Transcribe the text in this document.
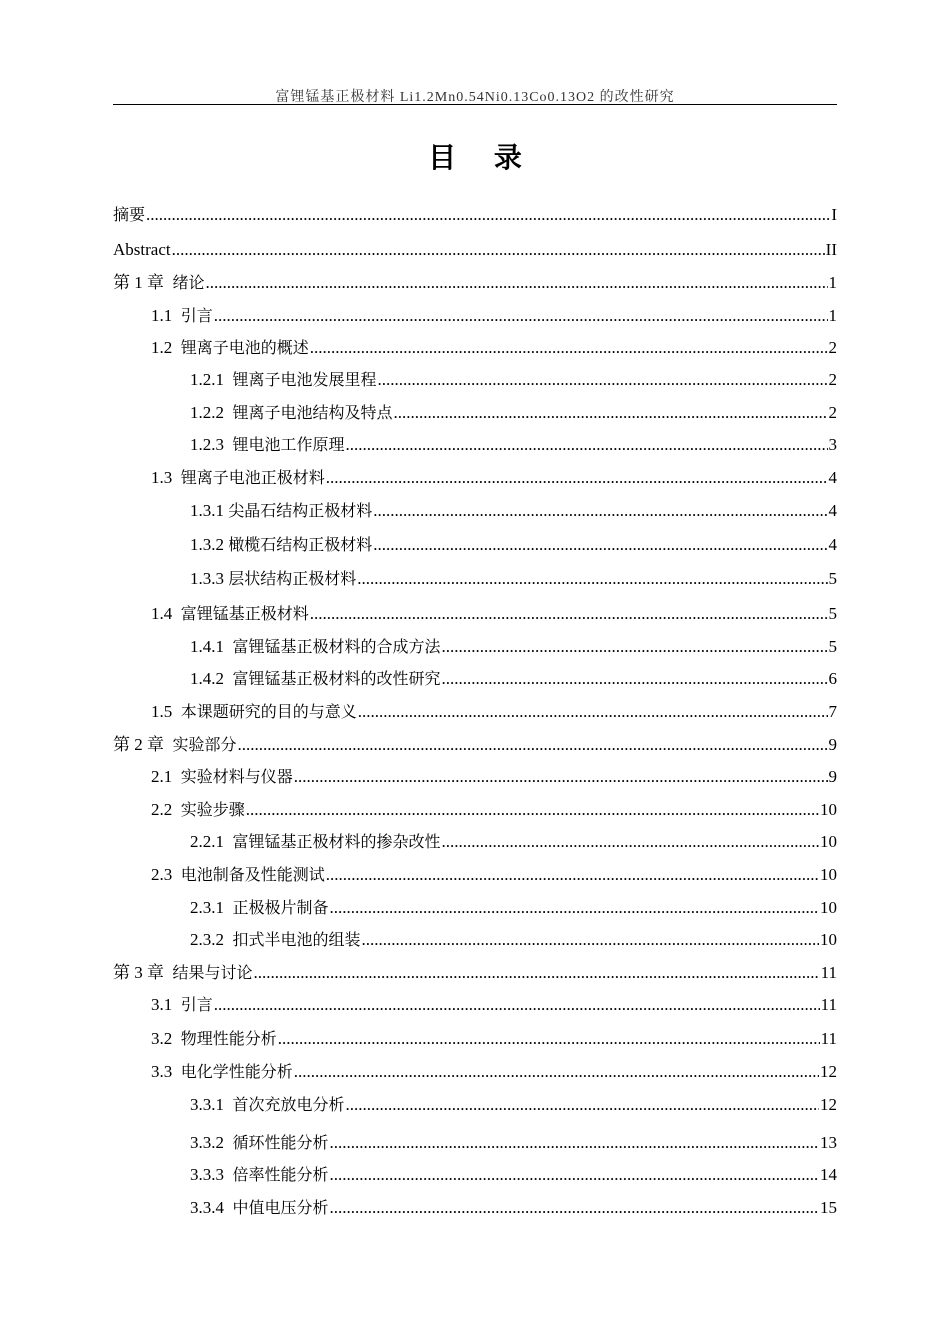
富锂锰基正极材料 Li1.2Mn0.54Ni0.13Co0.13O2 的改性研究
目 录
摘要 .....	I
Abstract .....	II
第 1 章 绪论 .....	1
1.1 引言 .....	1
1.2 锂离子电池的概述 .....	2
1.2.1 锂离子电池发展里程 .....	2
1.2.2 锂离子电池结构及特点 .....	2
1.2.3 锂电池工作原理 .....	3
1.3 锂离子电池正极材料 .....	4
1.3.1 尖晶石结构正极材料 .....	4
1.3.2 橄榄石结构正极材料 .....	4
1.3.3 层状结构正极材料 .....	5
1.4 富锂锰基正极材料 .....	5
1.4.1 富锂锰基正极材料的合成方法 .....	5
1.4.2 富锂锰基正极材料的改性研究 .....	6
1.5 本课题研究的目的与意义 .....	7
第 2 章 实验部分 .....	9
2.1 实验材料与仪器 .....	9
2.2 实验步骤 .....	10
2.2.1 富锂锰基正极材料的掺杂改性 .....	10
2.3 电池制备及性能测试 .....	10
2.3.1 正极极片制备 .....	10
2.3.2 扣式半电池的组装 .....	10
第 3 章 结果与讨论 .....	11
3.1 引言 .....	11
3.2 物理性能分析 .....	11
3.3 电化学性能分析 .....	12
3.3.1 首次充放电分析 .....	12
3.3.2 循环性能分析 .....	13
3.3.3 倍率性能分析 .....	14
3.3.4 中值电压分析 .....	15
